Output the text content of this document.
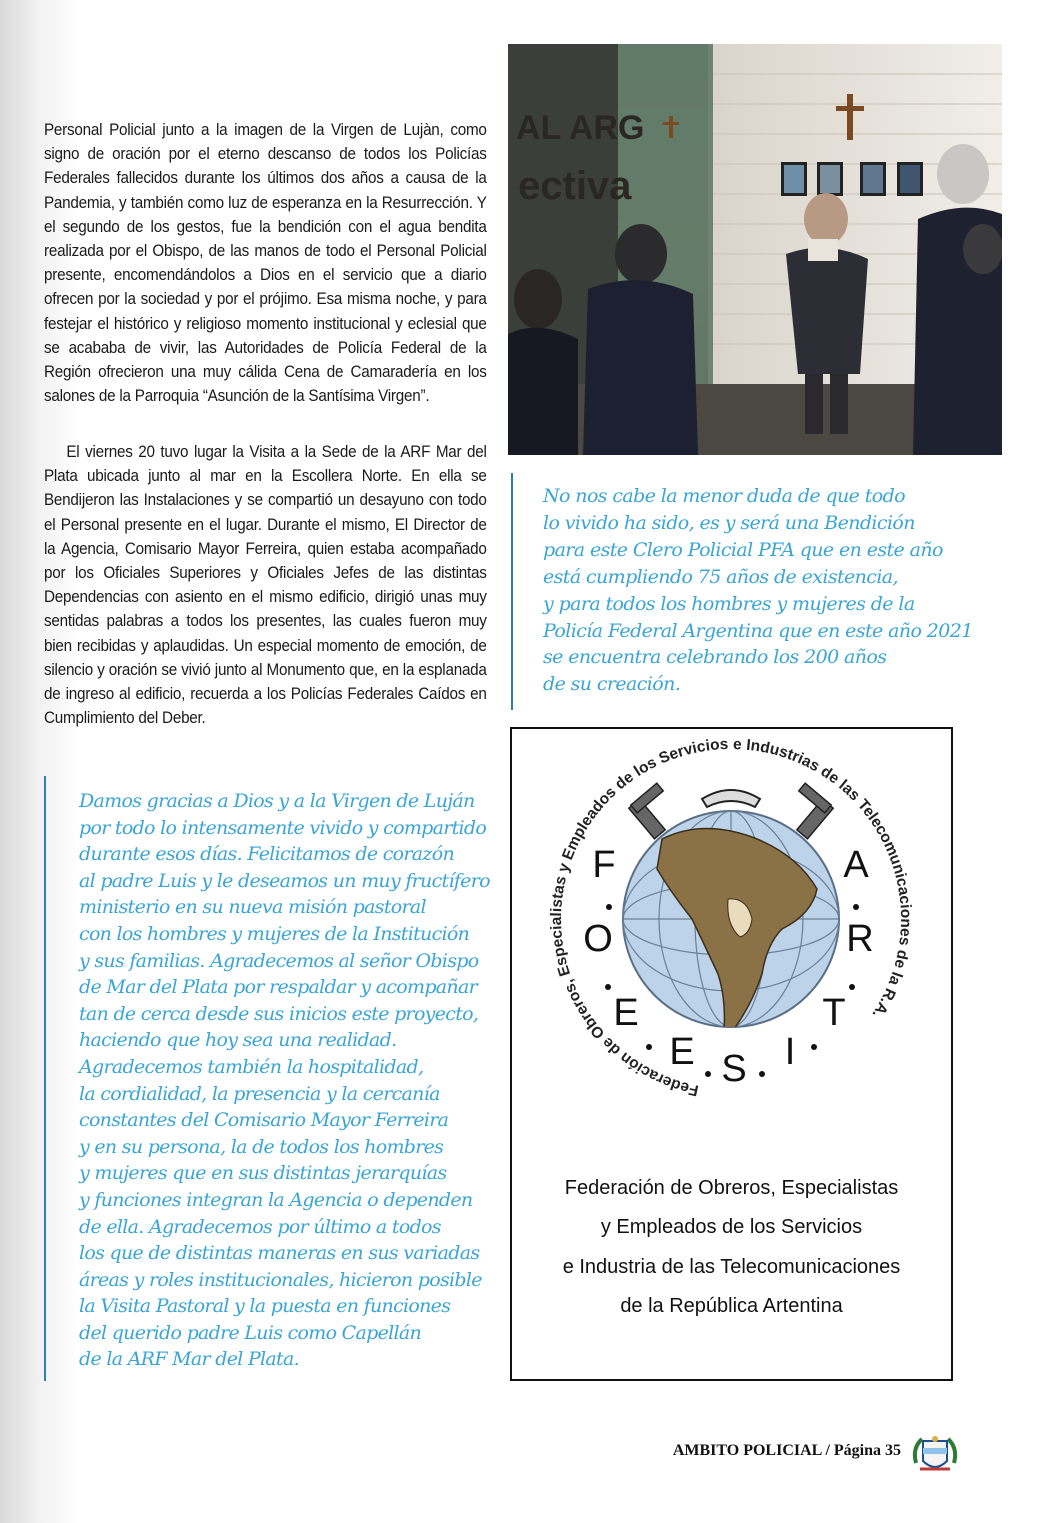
Personal Policial junto a la imagen de la Virgen de Lujàn, como signo de oración por el eterno descanso de todos los Policías Federales fallecidos durante los últimos dos años a causa de la Pandemia, y también como luz de esperanza en la Resurrección. Y el segundo de los gestos, fue la bendición con el agua bendita realizada por el Obispo, de las manos de todo el Personal Policial presente, encomendándolos a Dios en el servicio que a diario ofrecen por la sociedad y por el prójimo. Esa misma noche, y para festejar el histórico y religioso momento institucional y eclesial que se acababa de vivir, las Autoridades de Policía Federal de la Región ofrecieron una muy cálida Cena de Camaradería en los salones de la Parroquia “Asunción de la Santísima Virgen”.

El viernes 20 tuvo lugar la Visita a la Sede de la ARF Mar del Plata ubicada junto al mar en la Escollera Norte. En ella se Bendijeron las Instalaciones y se compartió un desayuno con todo el Personal presente en el lugar. Durante el mismo, El Director de la Agencia, Comisario Mayor Ferreira, quien estaba acompañado por los Oficiales Superiores y Oficiales Jefes de las distintas Dependencias con asiento en el mismo edificio, dirigió unas muy sentidas palabras a todos los presentes, las cuales fueron muy bien recibidas y aplaudidas. Un especial momento de emoción, de silencio y oración se vivió junto al Monumento que, en la esplanada de ingreso al edificio, recuerda a los Policías Federales Caídos en Cumplimiento del Deber.

Damos gracias a Dios y a la Virgen de Luján
por todo lo intensamente vivido y compartido
durante esos días. Felicitamos de corazón
al padre Luis y le deseamos un muy fructífero
ministerio en su nueva misión pastoral
con los hombres y mujeres de la Institución
y sus familias. Agradecemos al señor Obispo
de Mar del Plata por respaldar y acompañar
tan de cerca desde sus inicios este proyecto,
haciendo que hoy sea una realidad.
Agradecemos también la hospitalidad,
la cordialidad, la presencia y la cercanía
constantes del Comisario Mayor Ferreira
y en su persona, la de todos los hombres
y mujeres que en sus distintas jerarquías
y funciones integran la Agencia o dependen
de ella. Agradecemos por último a todos
los que de distintas maneras en sus variadas
áreas y roles institucionales, hicieron posible
la Visita Pastoral y la puesta en funciones
del querido padre Luis como Capellán
de la ARF Mar del Plata.
No nos cabe la menor duda de que todo
lo vivido ha sido, es y será una Bendición
para este Clero Policial PFA que en este año
está cumpliendo 75 años de existencia,
y para todos los hombres y mujeres de la
Policía Federal Argentina que en este año 2021
se encuentra celebrando los 200 años
de su creación.
AL ARG
ectiva
Federación de Obreros, Especialistas y Empleados de los Servicios e Industrias de las Telecomunicaciones de la R.A.
F
O
E
E S I
T
R
A
Federación de Obreros, Especialistas
y Empleados de los Servicios
e Industria de las Telecomunicaciones
de la República Artentina
AMBITO POLICIAL / Página 35
